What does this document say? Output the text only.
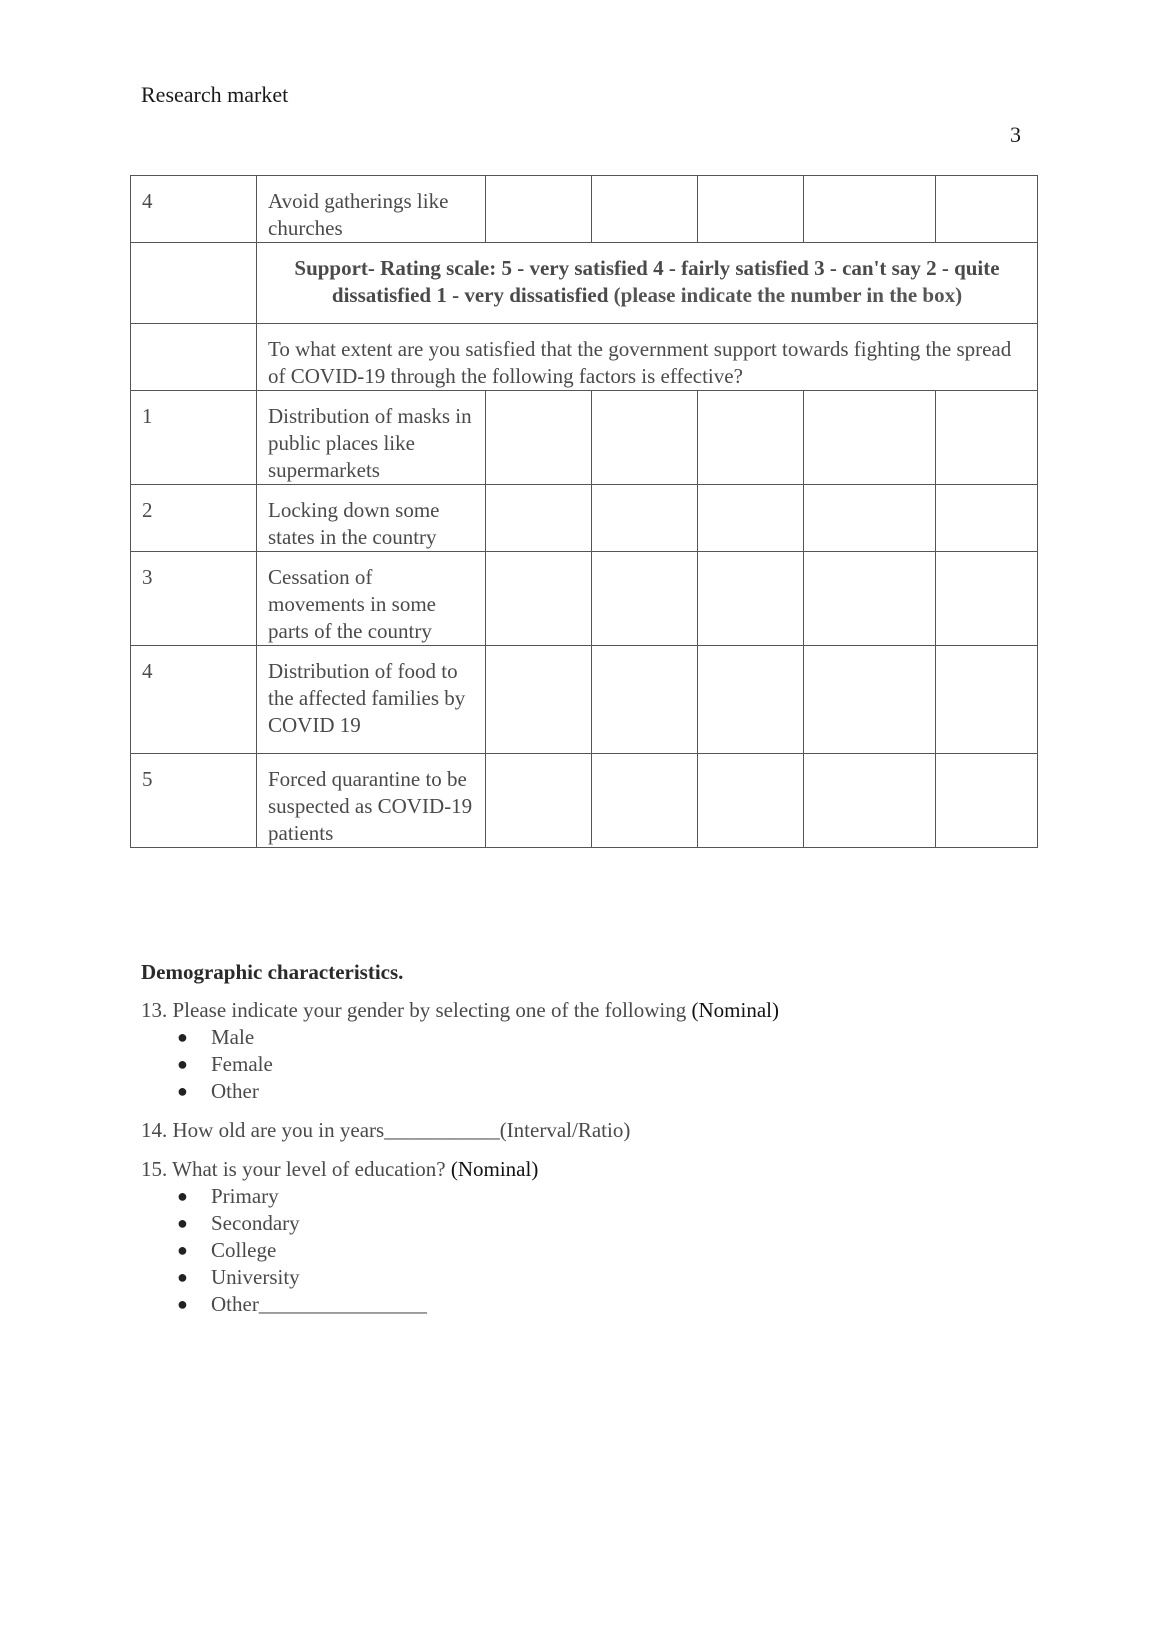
Research market
3
4	Avoid gatherings like churches					
	Support- Rating scale: 5 - very satisfied 4 - fairly satisfied 3 - can't say 2 - quite dissatisfied 1 - very dissatisfied (please indicate the number in the box)					
	To what extent are you satisfied that the government support towards fighting the spread of COVID-19 through the following factors is effective?					
1	Distribution of masks in public places like supermarkets					
2	Locking down some states in the country					
3	Cessation of movements in some parts of the country					
4	Distribution of food to the affected families by COVID 19					
5	Forced quarantine to be suspected as COVID-19 patients					
Demographic characteristics.

13. Please indicate your gender by selecting one of the following (Nominal)

● Male
● Female
● Other

14. How old are you in years___________(Interval/Ratio)

15. What is your level of education? (Nominal)

● Primary
● Secondary
● College
● University
● Other________________
